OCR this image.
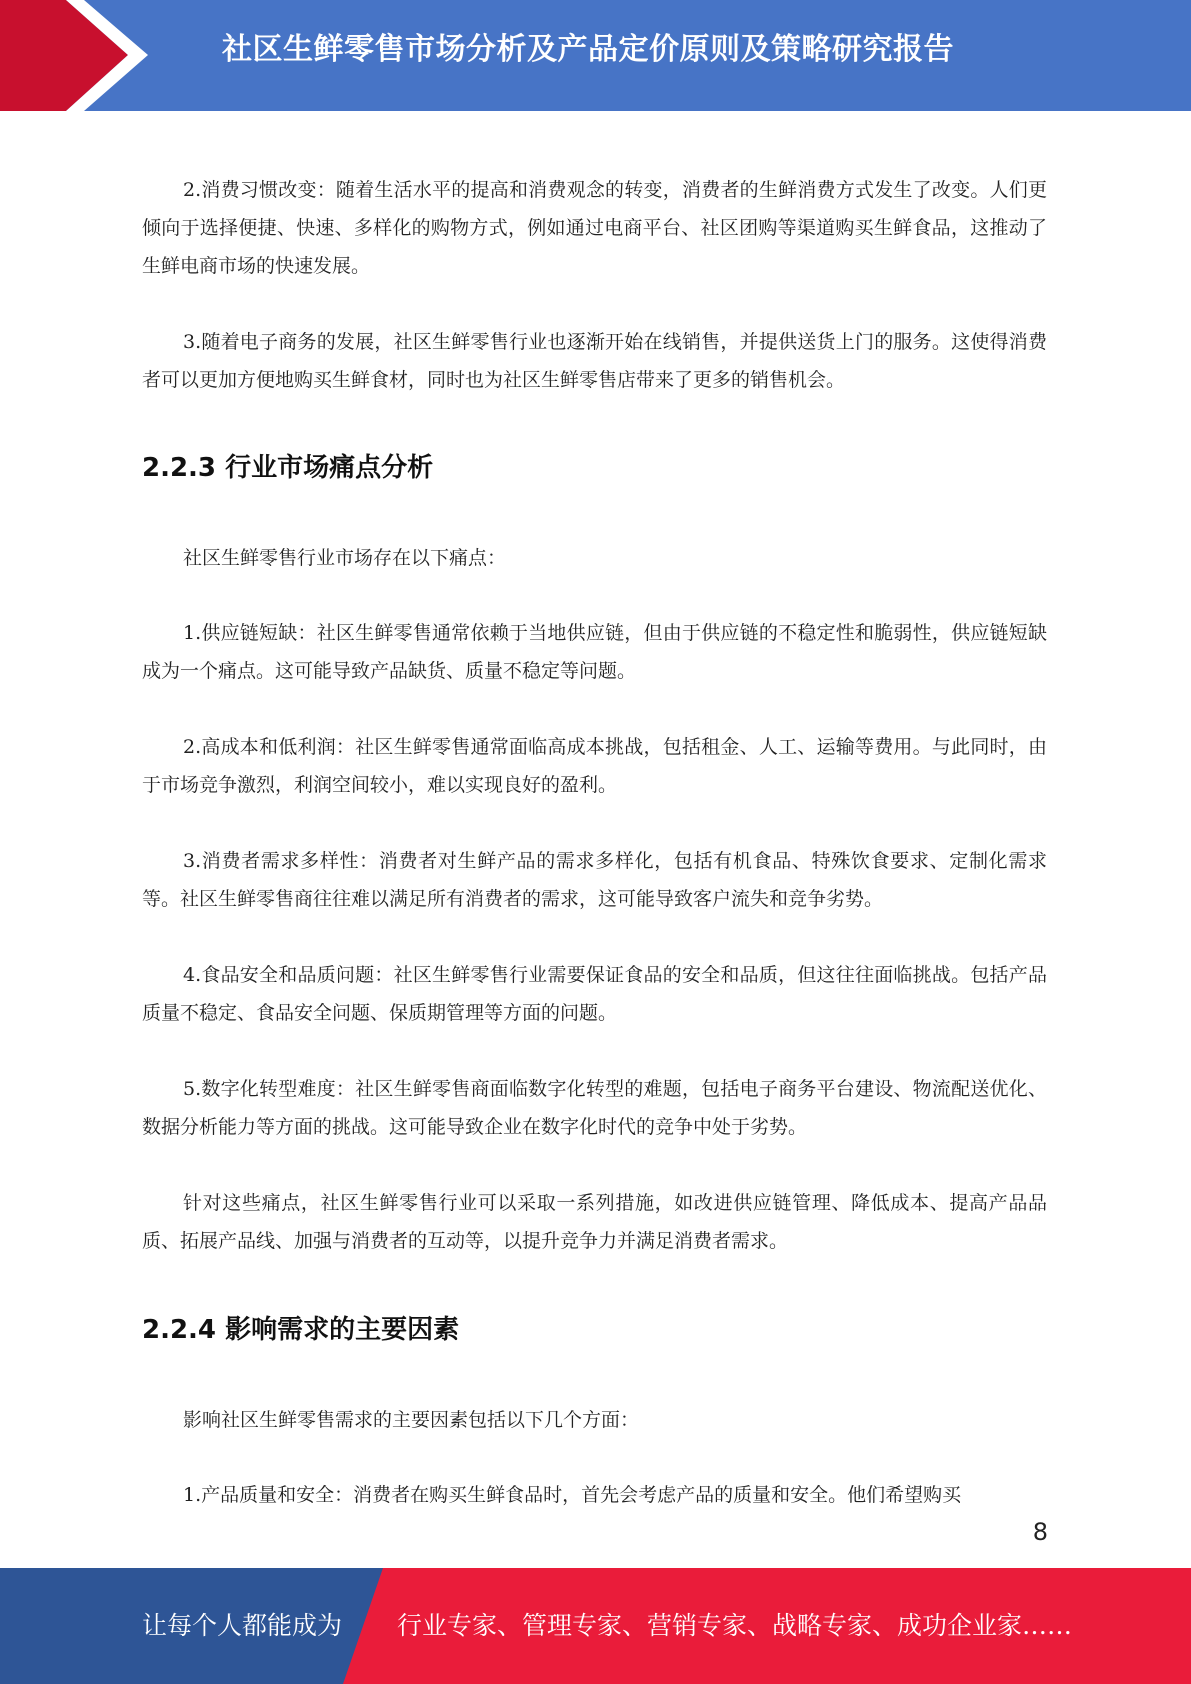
社区生鲜零售市场分析及产品定价原则及策略研究报告

2.消费习惯改变：随着生活水平的提高和消费观念的转变，消费者的生鲜消费方式发生了改变。人们更倾向于选择便捷、快速、多样化的购物方式，例如通过电商平台、社区团购等渠道购买生鲜食品，这推动了生鲜电商市场的快速发展。

3.随着电子商务的发展，社区生鲜零售行业也逐渐开始在线销售，并提供送货上门的服务。这使得消费者可以更加方便地购买生鲜食材，同时也为社区生鲜零售店带来了更多的销售机会。

2.2.3 行业市场痛点分析

社区生鲜零售行业市场存在以下痛点：

1.供应链短缺：社区生鲜零售通常依赖于当地供应链，但由于供应链的不稳定性和脆弱性，供应链短缺成为一个痛点。这可能导致产品缺货、质量不稳定等问题。

2.高成本和低利润：社区生鲜零售通常面临高成本挑战，包括租金、人工、运输等费用。与此同时，由于市场竞争激烈，利润空间较小，难以实现良好的盈利。

3.消费者需求多样性：消费者对生鲜产品的需求多样化，包括有机食品、特殊饮食要求、定制化需求等。社区生鲜零售商往往难以满足所有消费者的需求，这可能导致客户流失和竞争劣势。

4.食品安全和品质问题：社区生鲜零售行业需要保证食品的安全和品质，但这往往面临挑战。包括产品质量不稳定、食品安全问题、保质期管理等方面的问题。

5.数字化转型难度：社区生鲜零售商面临数字化转型的难题，包括电子商务平台建设、物流配送优化、数据分析能力等方面的挑战。这可能导致企业在数字化时代的竞争中处于劣势。

针对这些痛点，社区生鲜零售行业可以采取一系列措施，如改进供应链管理、降低成本、提高产品品质、拓展产品线、加强与消费者的互动等，以提升竞争力并满足消费者需求。

2.2.4 影响需求的主要因素

影响社区生鲜零售需求的主要因素包括以下几个方面：

1.产品质量和安全：消费者在购买生鲜食品时，首先会考虑产品的质量和安全。他们希望购买

8
让每个人都能成为 行业专家、管理专家、营销专家、战略专家、成功企业家……
